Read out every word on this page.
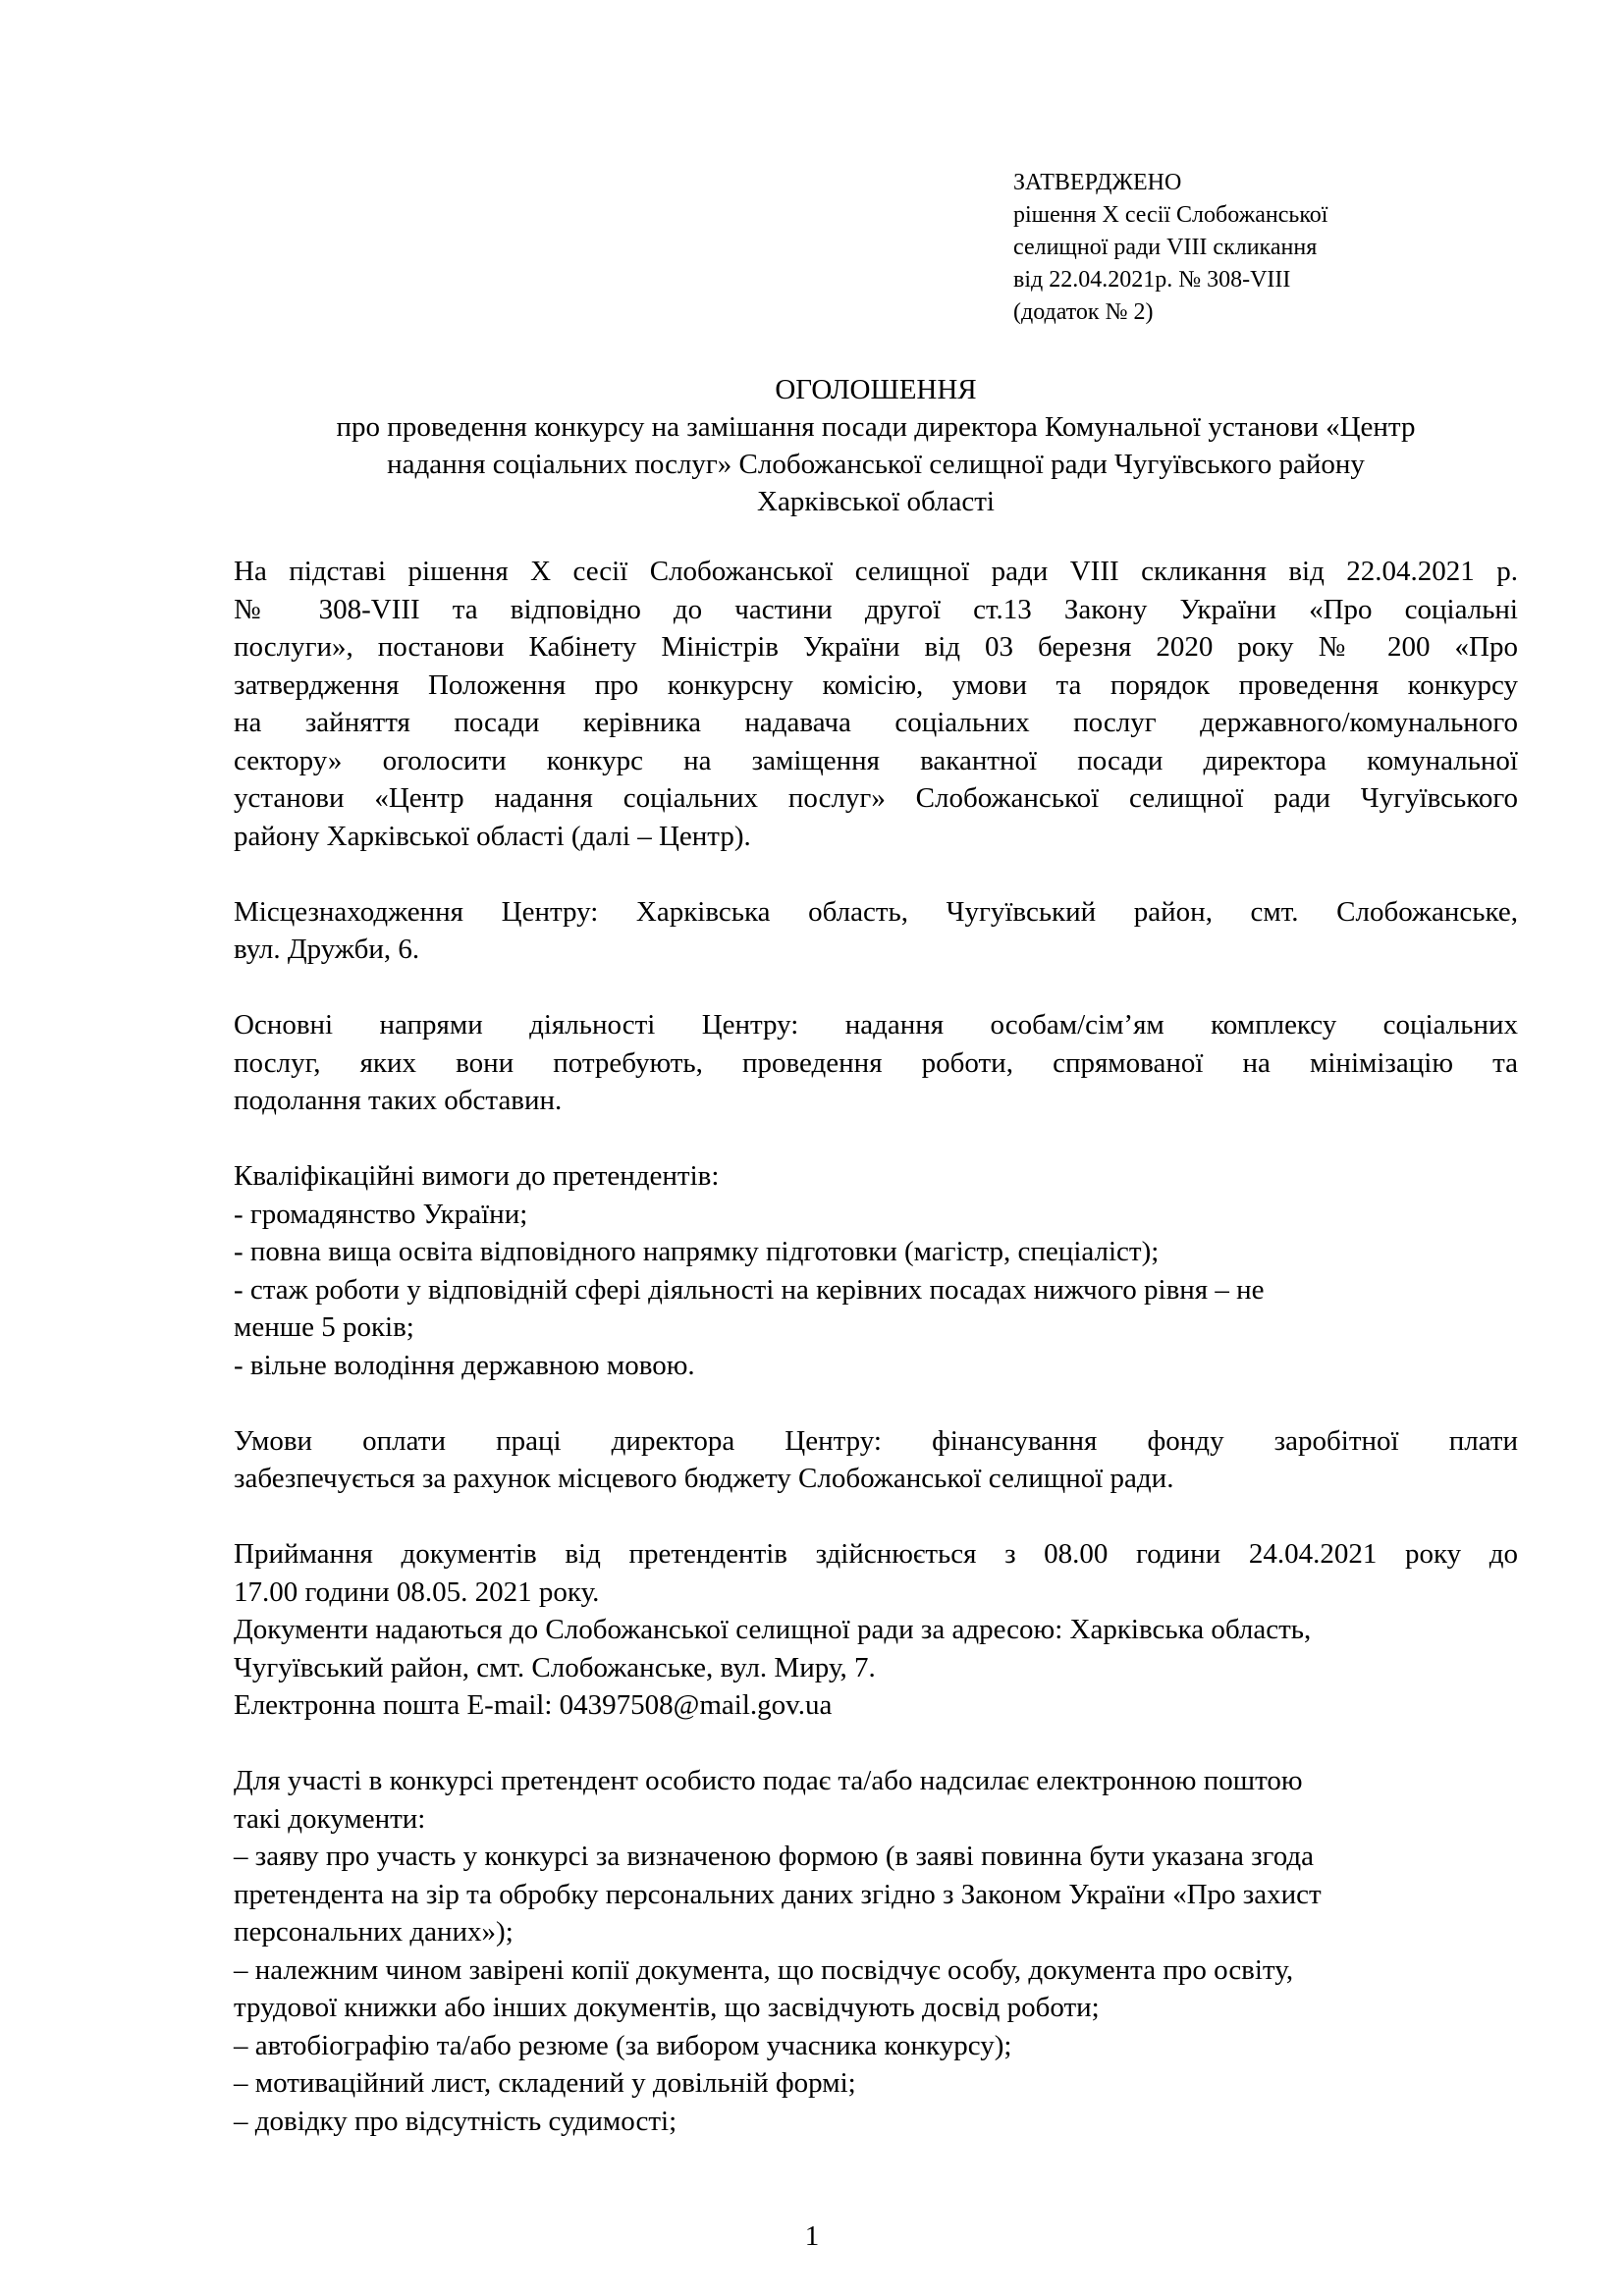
ЗАТВЕРДЖЕНО
рішення X сесії Слобожанської
селищної ради VIII скликання
від 22.04.2021р. № 308-VIII
(додаток № 2)
ОГОЛОШЕННЯ
про проведення конкурсу на замішання посади директора Комунальної установи «Центр
надання соціальних послуг» Слобожанської селищної ради Чугуївського району
Харківської області
На підставі рішення X сесії Слобожанської селищної ради VIII скликання від 22.04.2021 р.
№ 308-VIII та відповідно до частини другої ст.13 Закону України «Про соціальні
послуги», постанови Кабінету Міністрів України від 03 березня 2020 року № 200 «Про
затвердження Положення про конкурсну комісію, умови та порядок проведення конкурсу
на зайняття посади керівника надавача соціальних послуг державного/комунального
сектору» оголосити конкурс на заміщення вакантної посади директора комунальної
установи «Центр надання соціальних послуг» Слобожанської селищної ради Чугуївського
району Харківської області (далі – Центр).
Місцезнаходження Центру: Харківська область, Чугуївський район, смт. Слобожанське,
вул. Дружби, 6.
Основні напрями діяльності Центру: надання особам/сім’ям комплексу соціальних
послуг, яких вони потребують, проведення роботи, спрямованої на мінімізацію та
подолання таких обставин.
Кваліфікаційні вимоги до претендентів:
- громадянство України;
- повна вища освіта відповідного напрямку підготовки (магістр, спеціаліст);
- стаж роботи у відповідній сфері діяльності на керівних посадах нижчого рівня – не
менше 5 років;
- вільне володіння державною мовою.
Умови оплати праці директора Центру: фінансування фонду заробітної плати
забезпечується за рахунок місцевого бюджету Слобожанської селищної ради.
Приймання документів від претендентів здійснюється з 08.00 години 24.04.2021 року до
17.00 години 08.05. 2021 року.
Документи надаються до Слобожанської селищної ради за адресою: Харківська область,
Чугуївський район, смт. Слобожанське, вул. Миру, 7.
Електронна пошта E-mail: 04397508@mail.gov.ua
Для участі в конкурсі претендент особисто подає та/або надсилає електронною поштою
такі документи:
– заяву про участь у конкурсі за визначеною формою (в заяві повинна бути указана згода
претендента на зір та обробку персональних даних згідно з Законом України «Про захист
персональних даних»);
– належним чином завірені копії документа, що посвідчує особу, документа про освіту,
трудової книжки або інших документів, що засвідчують досвід роботи;
– автобіографію та/або резюме (за вибором учасника конкурсу);
– мотиваційний лист, складений у довільній формі;
– довідку про відсутність судимості;
1
